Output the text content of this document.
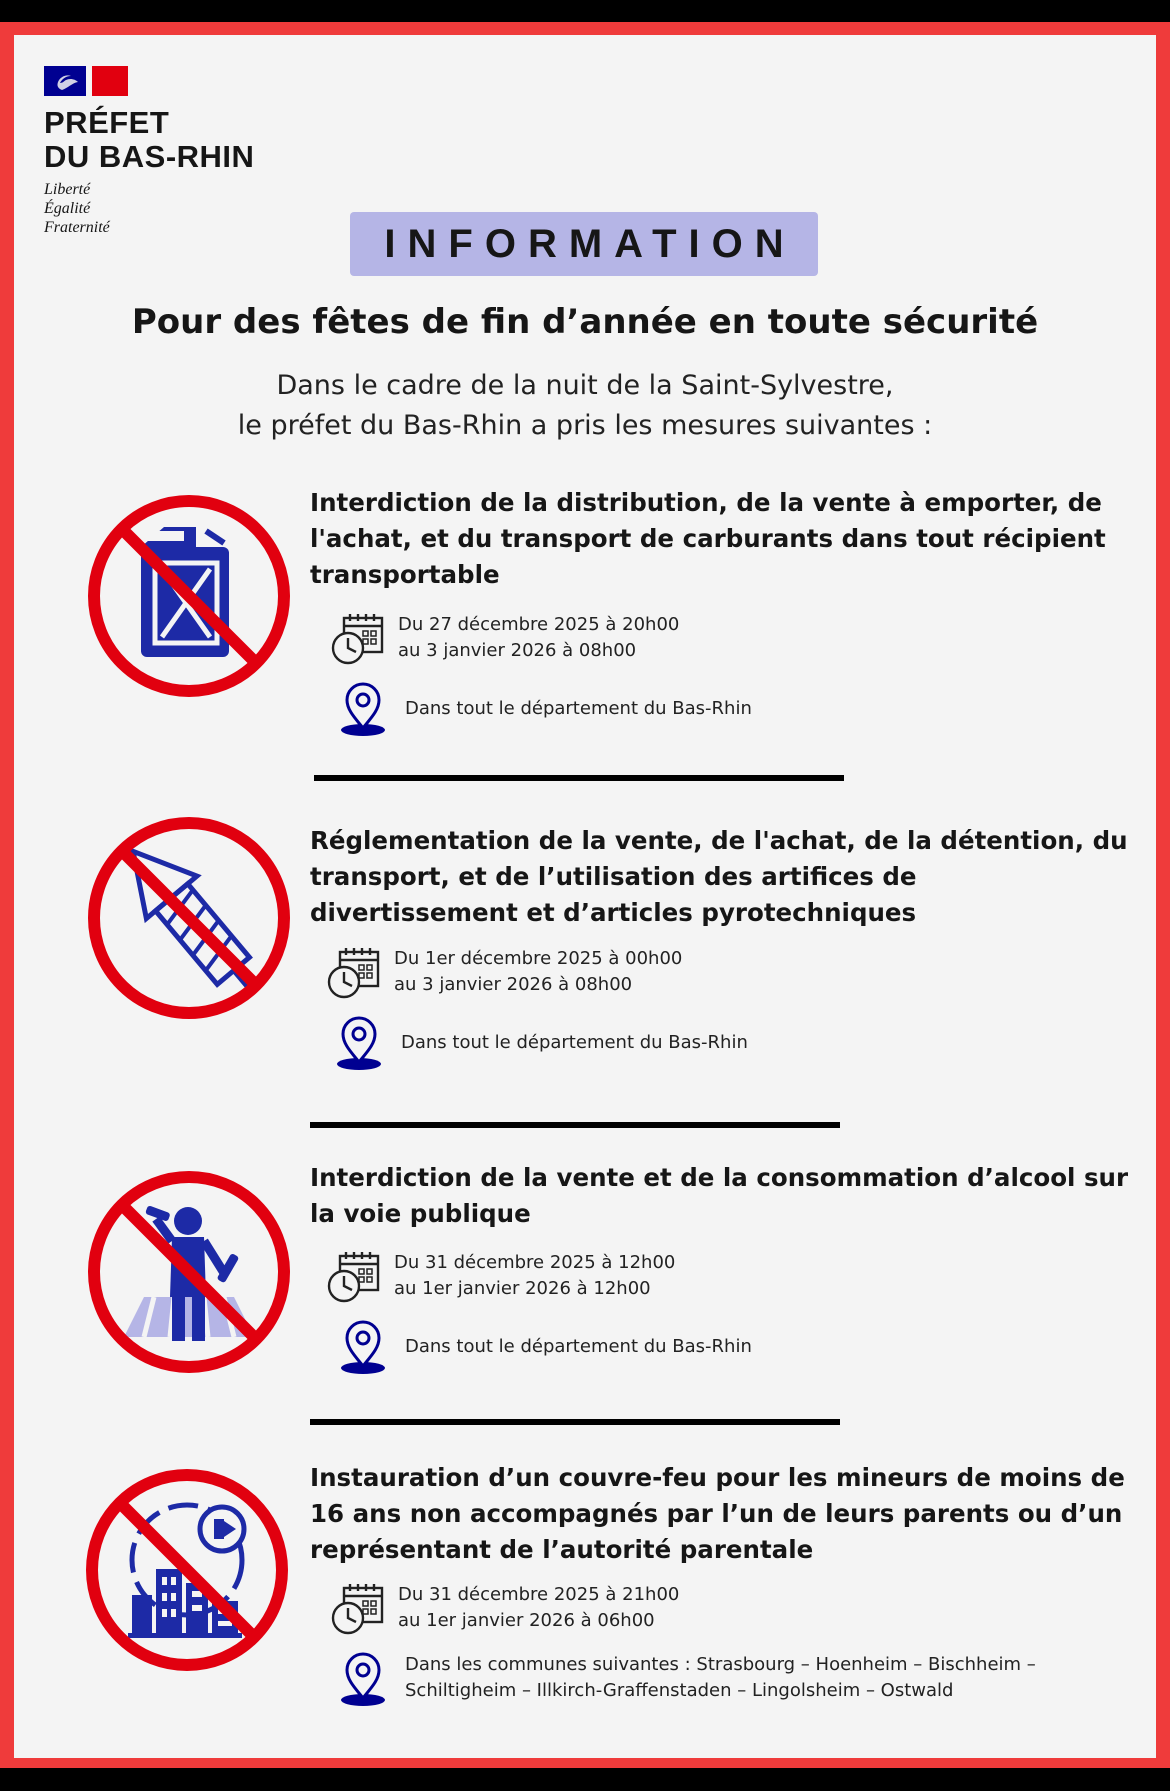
PRÉFET
DU BAS-RHIN
Liberté
Égalité
Fraternité	INFORMATION
Pour des fêtes de fin d’année en toute sécurité
Dans le cadre de la nuit de la Saint-Sylvestre,
le préfet du Bas-Rhin a pris les mesures suivantes :
Interdiction de la distribution, de la vente à emporter, de l'achat, et du transport de carburants dans tout récipient transportable
Du 27 décembre 2025 à 20h00
au 3 janvier 2026 à 08h00
Dans tout le département du Bas-Rhin
Réglementation de la vente, de l'achat, de la détention, du transport, et de l’utilisation des artifices de divertissement et d’articles pyrotechniques
Du 1er décembre 2025 à 00h00
au 3 janvier 2026 à 08h00
Dans tout le département du Bas-Rhin
Interdiction de la vente et de la consommation d’alcool sur la voie publique
Du 31 décembre 2025 à 12h00
au 1er janvier 2026 à 12h00
Dans tout le département du Bas-Rhin
Instauration d’un couvre-feu pour les mineurs de moins de 16 ans non accompagnés par l’un de leurs parents ou d’un représentant de l’autorité parentale
Du 31 décembre 2025 à 21h00
au 1er janvier 2026 à 06h00
Dans les communes suivantes : Strasbourg – Hoenheim – Bischheim –
Schiltigheim – Illkirch-Graffenstaden – Lingolsheim – Ostwald
